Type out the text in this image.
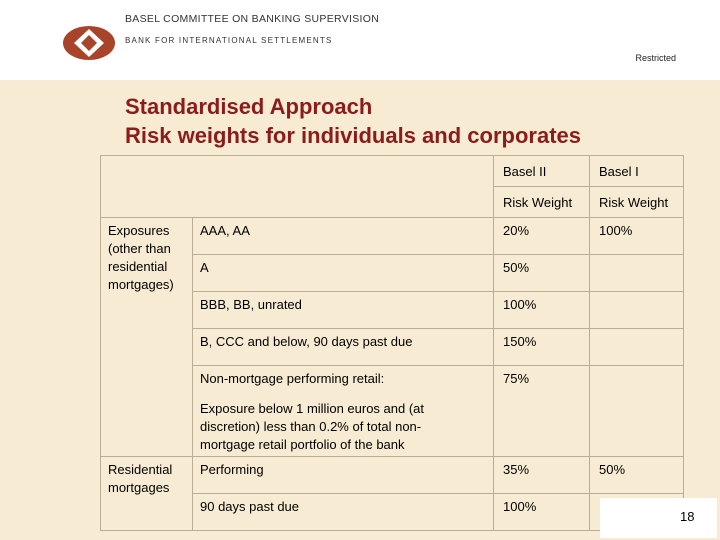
BASEL COMMITTEE ON BANKING SUPERVISION
BANK FOR INTERNATIONAL SETTLEMENTS
Restricted
Standardised Approach
Risk weights for individuals and corporates
		Basel II	Basel I
		Risk Weight	Risk Weight

Exposures (other than residential mortgages)	AAA, AA	20%	100%

	A	50%	

	BBB, BB, unrated	100%	

	B, CCC and below, 90 days past due	150%	

	Non-mortgage performing retail:
Exposure below 1 million euros and (at discretion) less than 0.2% of total non-mortgage retail portfolio of the bank	75%	

Residential mortgages	Performing	35%	50%

	90 days past due	100%	

18
